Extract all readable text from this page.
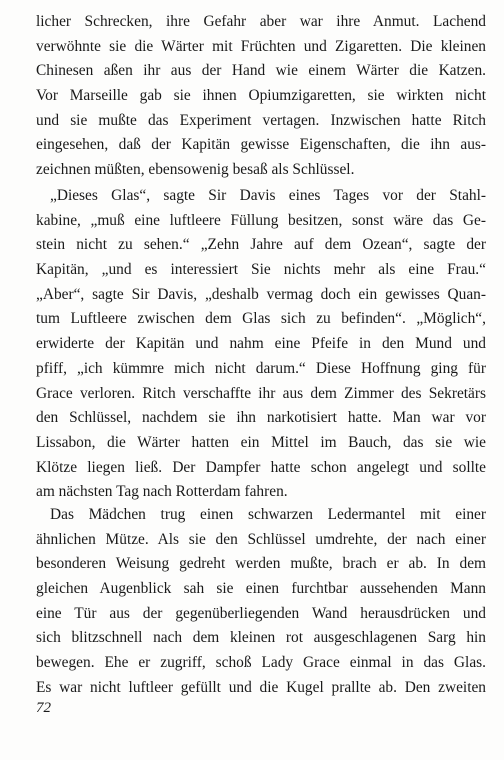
licher Schrecken, ihre Gefahr aber war ihre Anmut. Lachend
verwöhnte sie die Wärter mit Früchten und Zigaretten. Die kleinen
Chinesen aßen ihr aus der Hand wie einem Wärter die Katzen.
Vor Marseille gab sie ihnen Opiumzigaretten, sie wirkten nicht
und sie mußte das Experiment vertagen. Inzwischen hatte Ritch
eingesehen, daß der Kapitän gewisse Eigenschaften, die ihn aus-
zeichnen müßten, ebensowenig besaß als Schlüssel.
„Dieses Glas“, sagte Sir Davis eines Tages vor der Stahl-
kabine, „muß eine luftleere Füllung besitzen, sonst wäre das Ge-
stein nicht zu sehen.“ „Zehn Jahre auf dem Ozean“, sagte der
Kapitän, „und es interessiert Sie nichts mehr als eine Frau.“
„Aber“, sagte Sir Davis, „deshalb vermag doch ein gewisses Quan-
tum Luftleere zwischen dem Glas sich zu befinden“. „Möglich“,
erwiderte der Kapitän und nahm eine Pfeife in den Mund und
pfiff, „ich kümmre mich nicht darum.“ Diese Hoffnung ging für
Grace verloren. Ritch verschaffte ihr aus dem Zimmer des Sekretärs
den Schlüssel, nachdem sie ihn narkotisiert hatte. Man war vor
Lissabon, die Wärter hatten ein Mittel im Bauch, das sie wie
Klötze liegen ließ. Der Dampfer hatte schon angelegt und sollte
am nächsten Tag nach Rotterdam fahren.
Das Mädchen trug einen schwarzen Ledermantel mit einer
ähnlichen Mütze. Als sie den Schlüssel umdrehte, der nach einer
besonderen Weisung gedreht werden mußte, brach er ab. In dem
gleichen Augenblick sah sie einen furchtbar aussehenden Mann
eine Tür aus der gegenüberliegenden Wand herausdrücken und
sich blitzschnell nach dem kleinen rot ausgeschlagenen Sarg hin
bewegen. Ehe er zugriff, schoß Lady Grace einmal in das Glas.
Es war nicht luftleer gefüllt und die Kugel prallte ab. Den zweiten
72
